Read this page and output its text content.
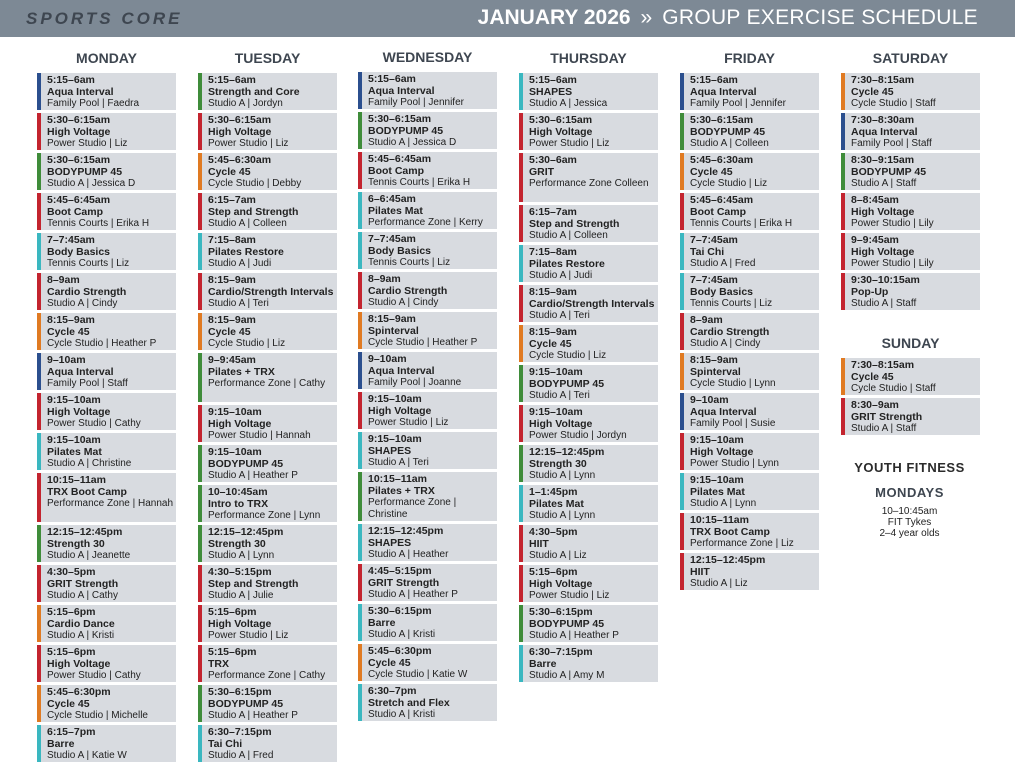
SPORTS CORE	JANUARY 2026 » GROUP EXERCISE SCHEDULE
MONDAY
5:15–6am
Aqua Interval
Family Pool | Faedra
5:30–6:15am
High Voltage
Power Studio | Liz
5:30–6:15am
BODYPUMP 45
Studio A | Jessica D
5:45–6:45am
Boot Camp
Tennis Courts | Erika H
7–7:45am
Body Basics
Tennis Courts | Liz
8–9am
Cardio Strength
Studio A | Cindy
8:15–9am
Cycle 45
Cycle Studio | Heather P
9–10am
Aqua Interval
Family Pool | Staff
9:15–10am
High Voltage
Power Studio | Cathy
9:15–10am
Pilates Mat
Studio A | Christine
10:15–11am
TRX Boot Camp
Performance Zone | Hannah
12:15–12:45pm
Strength 30
Studio A | Jeanette
4:30–5pm
GRIT Strength
Studio A | Cathy
5:15–6pm
Cardio Dance
Studio A | Kristi
5:15–6pm
High Voltage
Power Studio | Cathy
5:45–6:30pm
Cycle 45
Cycle Studio | Michelle
6:15–7pm
Barre
Studio A | Katie W
TUESDAY
5:15–6am
Strength and Core
Studio A | Jordyn
5:30–6:15am
High Voltage
Power Studio | Liz
5:45–6:30am
Cycle 45
Cycle Studio | Debby
6:15–7am
Step and Strength
Studio A | Colleen
7:15–8am
Pilates Restore
Studio A | Judi
8:15–9am
Cardio/Strength Intervals
Studio A | Teri
8:15–9am
Cycle 45
Cycle Studio | Liz
9–9:45am
Pilates + TRX
Performance Zone | Cathy
9:15–10am
High Voltage
Power Studio | Hannah
9:15–10am
BODYPUMP 45
Studio A | Heather P
10–10:45am
Intro to TRX
Performance Zone | Lynn
12:15–12:45pm
Strength 30
Studio A | Lynn
4:30–5:15pm
Step and Strength
Studio A | Julie
5:15–6pm
High Voltage
Power Studio | Liz
5:15–6pm
TRX
Performance Zone | Cathy
5:30–6:15pm
BODYPUMP 45
Studio A | Heather P
6:30–7:15pm
Tai Chi
Studio A | Fred
WEDNESDAY
5:15–6am
Aqua Interval
Family Pool | Jennifer
5:30–6:15am
BODYPUMP 45
Studio A | Jessica D
5:45–6:45am
Boot Camp
Tennis Courts | Erika H
6–6:45am
Pilates Mat
Performance Zone | Kerry
7–7:45am
Body Basics
Tennis Courts | Liz
8–9am
Cardio Strength
Studio A | Cindy
8:15–9am
Spinterval
Cycle Studio | Heather P
9–10am
Aqua Interval
Family Pool | Joanne
9:15–10am
High Voltage
Power Studio | Liz
9:15–10am
SHAPES
Studio A | Teri
10:15–11am
Pilates + TRX
Performance Zone | Christine
12:15–12:45pm
SHAPES
Studio A | Heather
4:45–5:15pm
GRIT Strength
Studio A | Heather P
5:30–6:15pm
Barre
Studio A | Kristi
5:45–6:30pm
Cycle 45
Cycle Studio | Katie W
6:30–7pm
Stretch and Flex
Studio A | Kristi
THURSDAY
5:15–6am
SHAPES
Studio A | Jessica
5:30–6:15am
High Voltage
Power Studio | Liz
5:30–6am
GRIT
Performance Zone Colleen
6:15–7am
Step and Strength
Studio A | Colleen
7:15–8am
Pilates Restore
Studio A | Judi
8:15–9am
Cardio/Strength Intervals
Studio A | Teri
8:15–9am
Cycle 45
Cycle Studio | Liz
9:15–10am
BODYPUMP 45
Studio A | Teri
9:15–10am
High Voltage
Power Studio | Jordyn
12:15–12:45pm
Strength 30
Studio A | Lynn
1–1:45pm
Pilates Mat
Studio A | Lynn
4:30–5pm
HIIT
Studio A | Liz
5:15–6pm
High Voltage
Power Studio | Liz
5:30–6:15pm
BODYPUMP 45
Studio A | Heather P
6:30–7:15pm
Barre
Studio A | Amy M
FRIDAY
5:15–6am
Aqua Interval
Family Pool | Jennifer
5:30–6:15am
BODYPUMP 45
Studio A | Colleen
5:45–6:30am
Cycle 45
Cycle Studio | Liz
5:45–6:45am
Boot Camp
Tennis Courts | Erika H
7–7:45am
Tai Chi
Studio A | Fred
7–7:45am
Body Basics
Tennis Courts | Liz
8–9am
Cardio Strength
Studio A | Cindy
8:15–9am
Spinterval
Cycle Studio | Lynn
9–10am
Aqua Interval
Family Pool | Susie
9:15–10am
High Voltage
Power Studio | Lynn
9:15–10am
Pilates Mat
Studio A | Lynn
10:15–11am
TRX Boot Camp
Performance Zone | Liz
12:15–12:45pm
HIIT
Studio A | Liz
SATURDAY
7:30–8:15am
Cycle 45
Cycle Studio | Staff
7:30–8:30am
Aqua Interval
Family Pool | Staff
8:30–9:15am
BODYPUMP 45
Studio A | Staff
8–8:45am
High Voltage
Power Studio | Lily
9–9:45am
High Voltage
Power Studio | Lily
9:30–10:15am
Pop-Up
Studio A | Staff
SUNDAY
7:30–8:15am
Cycle 45
Cycle Studio | Staff
8:30–9am
GRIT Strength
Studio A | Staff
YOUTH FITNESS
MONDAYS
10–10:45am
FIT Tykes
2–4 year olds
